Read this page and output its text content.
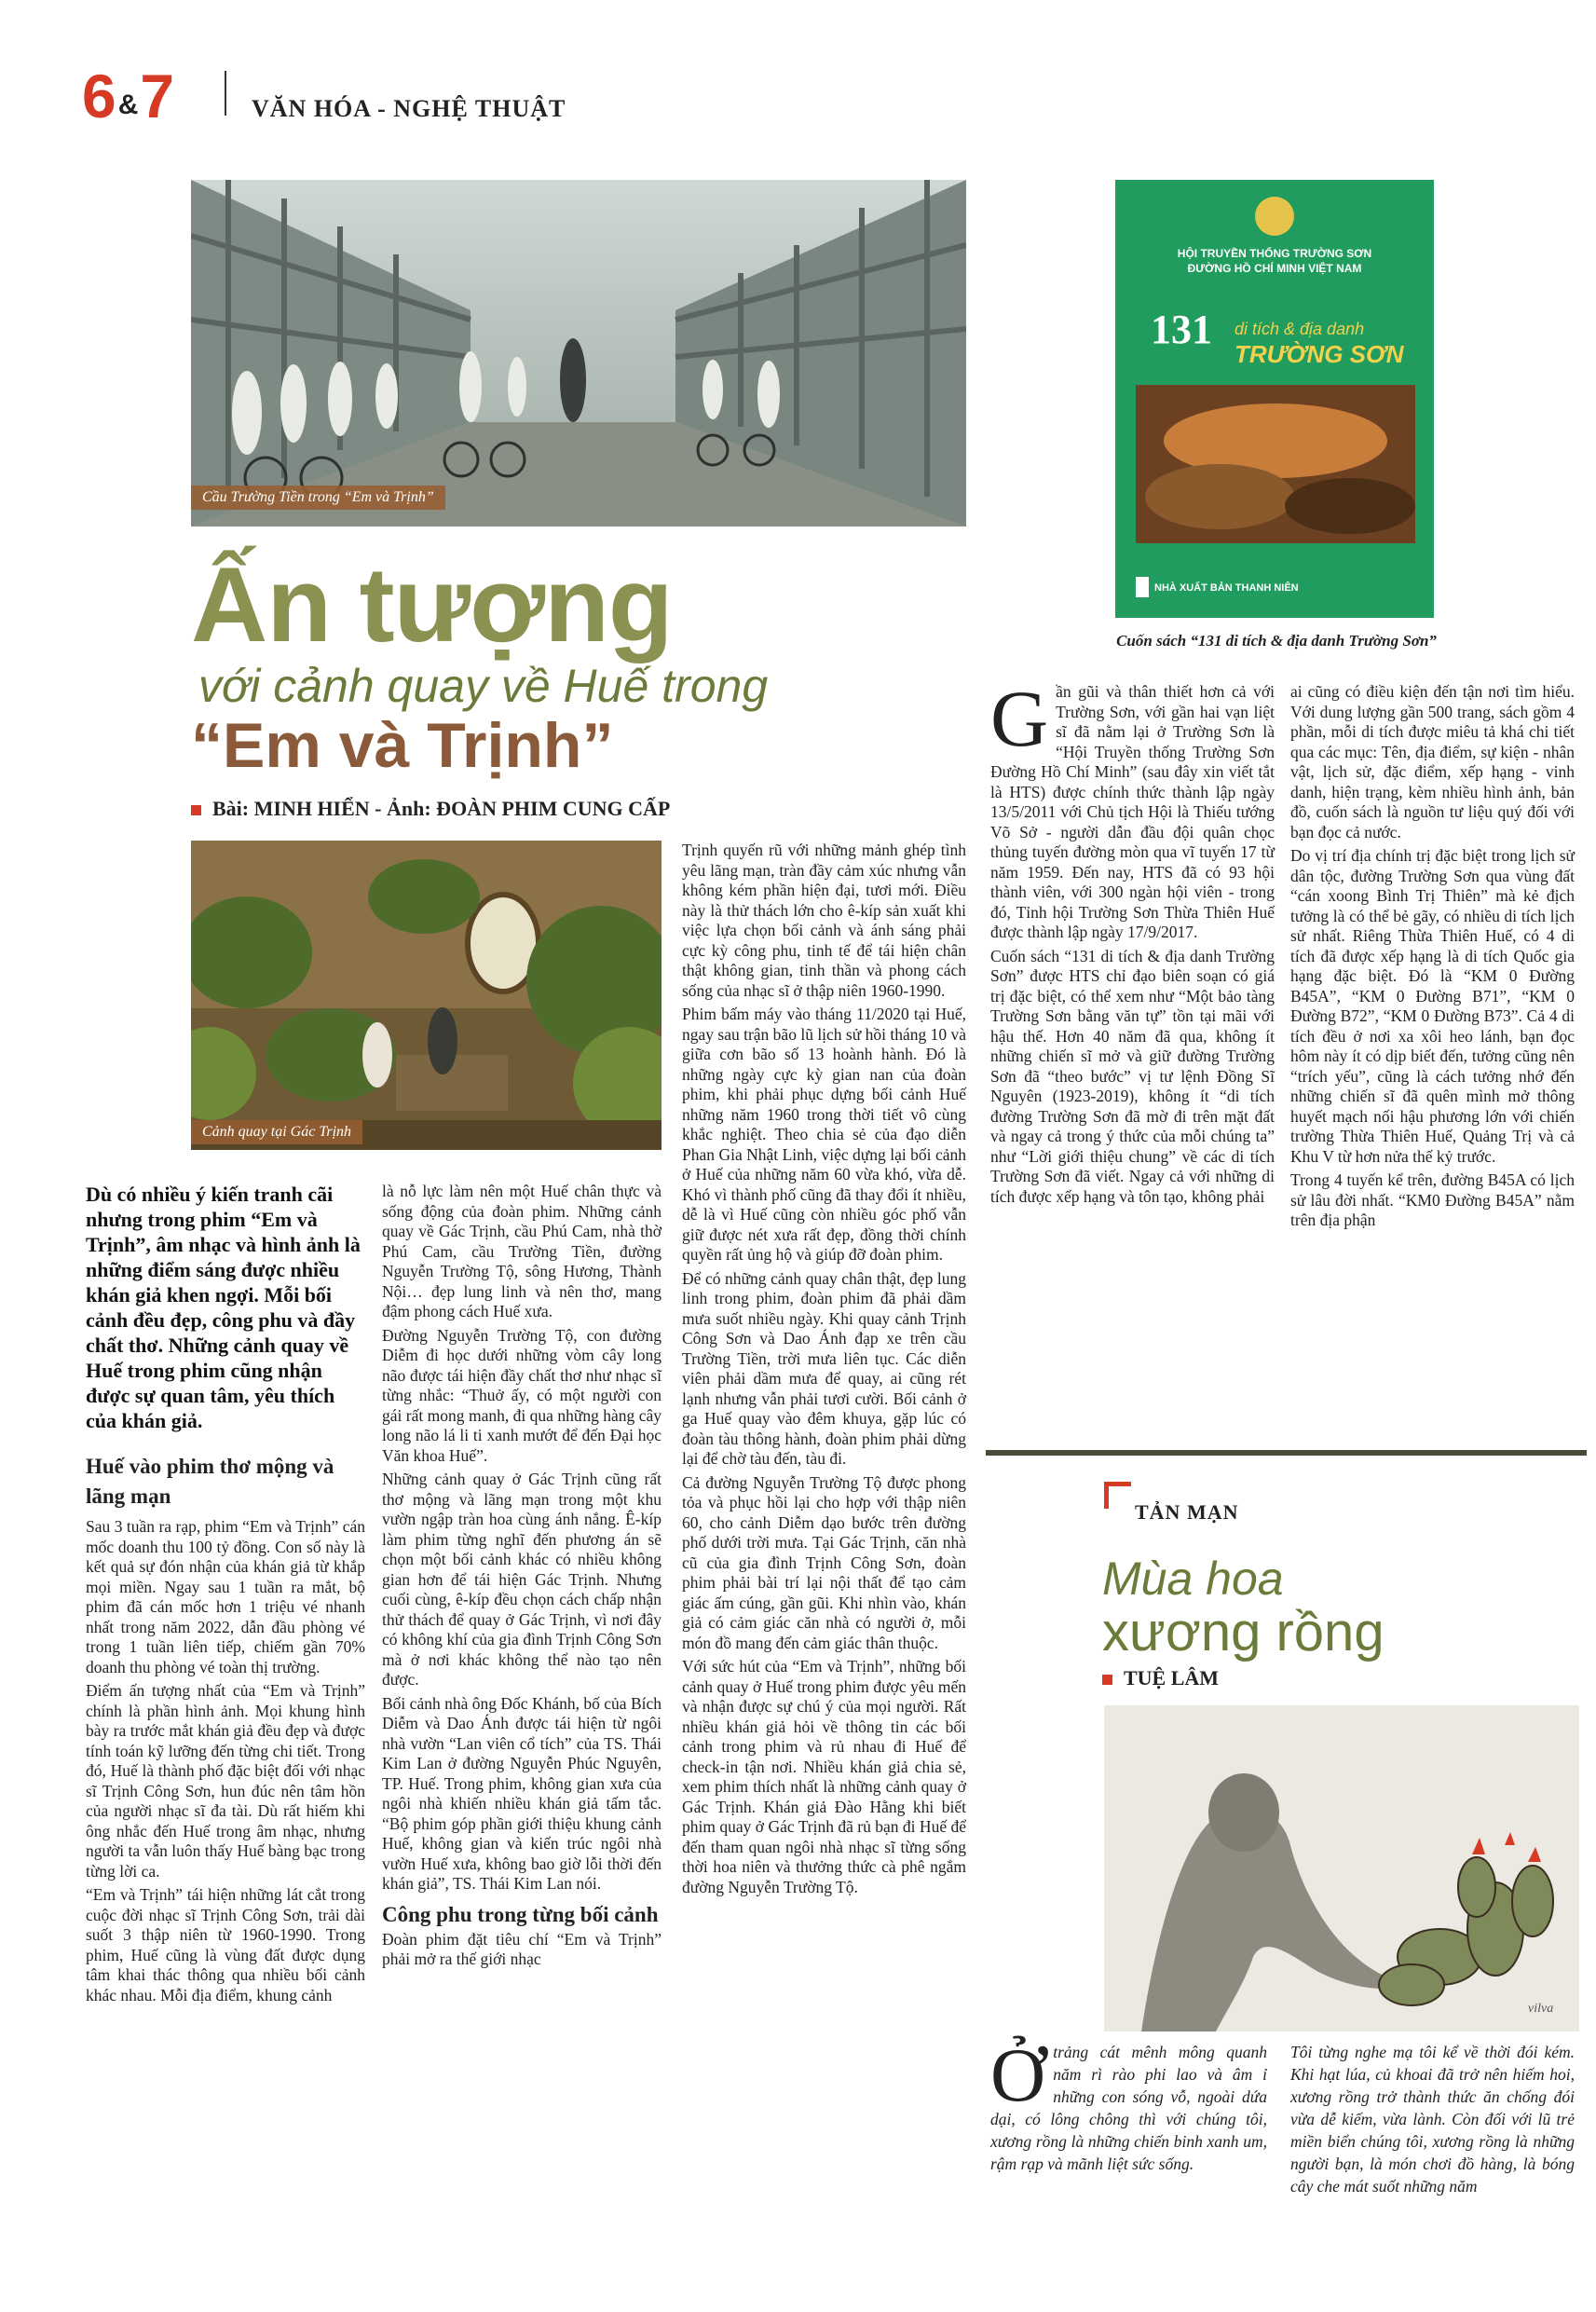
6&7	VĂN HÓA - NGHỆ THUẬT
Cầu Trường Tiền trong “Em và Trịnh”
Ấn tượng
với cảnh quay về Huế trong
“Em và Trịnh”
Bài: MINH HIỂN - Ảnh: ĐOÀN PHIM CUNG CẤP
Cảnh quay tại Gác Trịnh
Dù có nhiều ý kiến tranh cãi nhưng trong phim “Em và Trịnh”, âm nhạc và hình ảnh là những điểm sáng được nhiều khán giả khen ngợi. Mỗi bối cảnh đều đẹp, công phu và đầy chất thơ. Những cảnh quay về Huế trong phim cũng nhận được sự quan tâm, yêu thích của khán giả.
Huế vào phim thơ mộng và lãng mạn

Sau 3 tuần ra rạp, phim “Em và Trịnh” cán mốc doanh thu 100 tỷ đồng. Con số này là kết quả sự đón nhận của khán giả từ khắp mọi miền. Ngay sau 1 tuần ra mắt, bộ phim đã cán mốc hơn 1 triệu vé nhanh nhất trong năm 2022, dẫn đầu phòng vé trong 1 tuần liên tiếp, chiếm gần 70% doanh thu phòng vé toàn thị trường.

Điểm ấn tượng nhất của “Em và Trịnh” chính là phần hình ảnh. Mọi khung hình bày ra trước mắt khán giả đều đẹp và được tính toán kỹ lưỡng đến từng chi tiết. Trong đó, Huế là thành phố đặc biệt đối với nhạc sĩ Trịnh Công Sơn, hun đúc nên tâm hồn của người nhạc sĩ đa tài. Dù rất hiếm khi ông nhắc đến Huế trong âm nhạc, nhưng người ta vẫn luôn thấy Huế bàng bạc trong từng lời ca.

“Em và Trịnh” tái hiện những lát cắt trong cuộc đời nhạc sĩ Trịnh Công Sơn, trải dài suốt 3 thập niên từ 1960-1990. Trong phim, Huế cũng là vùng đất được dụng tâm khai thác thông qua nhiều bối cảnh khác nhau. Mỗi địa điểm, khung cảnh

là nỗ lực làm nên một Huế chân thực và sống động của đoàn phim. Những cảnh quay về Gác Trịnh, cầu Phú Cam, nhà thờ Phú Cam, cầu Trường Tiền, đường Nguyễn Trường Tộ, sông Hương, Thành Nội… đẹp lung linh và nên thơ, mang đậm phong cách Huế xưa.

Đường Nguyễn Trường Tộ, con đường Diễm đi học dưới những vòm cây long não được tái hiện đầy chất thơ như nhạc sĩ từng nhắc: “Thuở ấy, có một người con gái rất mong manh, đi qua những hàng cây long não lá li ti xanh mướt để đến Đại học Văn khoa Huế”.

Những cảnh quay ở Gác Trịnh cũng rất thơ mộng và lãng mạn trong một khu vườn ngập tràn hoa cùng ánh nắng. Ê-kíp làm phim từng nghĩ đến phương án sẽ chọn một bối cảnh khác có nhiều không gian hơn để tái hiện Gác Trịnh. Nhưng cuối cùng, ê-kíp đều chọn cách chấp nhận thử thách để quay ở Gác Trịnh, vì nơi đây có không khí của gia đình Trịnh Công Sơn mà ở nơi khác không thể nào tạo nên được.

Bối cảnh nhà ông Đốc Khánh, bố của Bích Diễm và Dao Ánh được tái hiện từ ngôi nhà vườn “Lan viên cổ tích” của TS. Thái Kim Lan ở đường Nguyễn Phúc Nguyên, TP. Huế. Trong phim, không gian xưa của ngôi nhà khiến nhiều khán giả tấm tắc. “Bộ phim góp phần giới thiệu khung cảnh Huế, không gian và kiến trúc ngôi nhà vườn Huế xưa, không bao giờ lỗi thời đến khán giả”, TS. Thái Kim Lan nói.

Công phu trong từng bối cảnh

Đoàn phim đặt tiêu chí “Em và Trịnh” phải mở ra thế giới nhạc

Trịnh quyến rũ với những mảnh ghép tình yêu lãng mạn, tràn đầy cảm xúc nhưng vẫn không kém phần hiện đại, tươi mới. Điều này là thử thách lớn cho ê-kíp sản xuất khi việc lựa chọn bối cảnh và ánh sáng phải cực kỳ công phu, tinh tế để tái hiện chân thật không gian, tinh thần và phong cách sống của nhạc sĩ ở thập niên 1960-1990.

Phim bấm máy vào tháng 11/2020 tại Huế, ngay sau trận bão lũ lịch sử hồi tháng 10 và giữa cơn bão số 13 hoành hành. Đó là những ngày cực kỳ gian nan của đoàn phim, khi phải phục dựng bối cảnh Huế những năm 1960 trong thời tiết vô cùng khắc nghiệt. Theo chia sẻ của đạo diễn Phan Gia Nhật Linh, việc dựng lại bối cảnh ở Huế của những năm 60 vừa khó, vừa dễ. Khó vì thành phố cũng đã thay đổi ít nhiều, dễ là vì Huế cũng còn nhiều góc phố vẫn giữ được nét xưa rất đẹp, đồng thời chính quyền rất ủng hộ và giúp đỡ đoàn phim.

Để có những cảnh quay chân thật, đẹp lung linh trong phim, đoàn phim đã phải dầm mưa suốt nhiều ngày. Khi quay cảnh Trịnh Công Sơn và Dao Ánh đạp xe trên cầu Trường Tiền, trời mưa liên tục. Các diễn viên phải dầm mưa để quay, ai cũng rét lạnh nhưng vẫn phải tươi cười. Bối cảnh ở ga Huế quay vào đêm khuya, gặp lúc có đoàn tàu thông hành, đoàn phim phải dừng lại để chờ tàu đến, tàu đi.

Cả đường Nguyễn Trường Tộ được phong tỏa và phục hồi lại cho hợp với thập niên 60, cho cảnh Diễm dạo bước trên đường phố dưới trời mưa. Tại Gác Trịnh, căn nhà cũ của gia đình Trịnh Công Sơn, đoàn phim phải bài trí lại nội thất để tạo cảm giác ấm cúng, gần gũi. Khi nhìn vào, khán giả có cảm giác căn nhà có người ở, mỗi món đồ mang đến cảm giác thân thuộc.

Với sức hút của “Em và Trịnh”, những bối cảnh quay ở Huế trong phim được yêu mến và nhận được sự chú ý của mọi người. Rất nhiều khán giả hỏi về thông tin các bối cảnh trong phim và rủ nhau đi Huế để check-in tận nơi. Nhiều khán giả chia sẻ, xem phim thích nhất là những cảnh quay ở Gác Trịnh. Khán giả Đào Hằng khi biết phim quay ở Gác Trịnh đã rủ bạn đi Huế để đến tham quan ngôi nhà nhạc sĩ từng sống thời hoa niên và thưởng thức cà phê ngắm đường Nguyễn Trường Tộ.

HỘI TRUYỀN THỐNG TRƯỜNG SƠN
ĐƯỜNG HỒ CHÍ MINH VIỆT NAM
131 di tích & địa danh
TRƯỜNG SƠN
NHÀ XUẤT BẢN THANH NIÊN
Cuốn sách “131 di tích & địa danh Trường Sơn”

Gần gũi và thân thiết hơn cả với Trường Sơn, với gần hai vạn liệt sĩ đã nằm lại ở Trường Sơn là “Hội Truyền thống Trường Sơn Đường Hồ Chí Minh” (sau đây xin viết tắt là HTS) được chính thức thành lập ngày 13/5/2011 với Chủ tịch Hội là Thiếu tướng Võ Sở - người dẫn đầu đội quân chọc thủng tuyến đường mòn qua vĩ tuyến 17 từ năm 1959. Đến nay, HTS đã có 93 hội thành viên, với 300 ngàn hội viên - trong đó, Tỉnh hội Trường Sơn Thừa Thiên Huế được thành lập ngày 17/9/2017.

Cuốn sách “131 di tích & địa danh Trường Sơn” được HTS chỉ đạo biên soạn có giá trị đặc biệt, có thể xem như “Một bảo tàng Trường Sơn bằng văn tự” tồn tại mãi với hậu thế. Hơn 40 năm đã qua, không ít những chiến sĩ mở và giữ đường Trường Sơn đã “theo bước” vị tư lệnh Đồng Sĩ Nguyên (1923-2019), không ít “di tích đường Trường Sơn đã mờ đi trên mặt đất và ngay cả trong ý thức của mỗi chúng ta” như “Lời giới thiệu chung” về các di tích Trường Sơn đã viết. Ngay cả với những di tích được xếp hạng và tôn tạo, không phải

ai cũng có điều kiện đến tận nơi tìm hiểu. Với dung lượng gần 500 trang, sách gồm 4 phần, mỗi di tích được miêu tả khá chi tiết qua các mục: Tên, địa điểm, sự kiện - nhân vật, lịch sử, đặc điểm, xếp hạng - vinh danh, hiện trạng, kèm nhiều hình ảnh, bản đồ, cuốn sách là nguồn tư liệu quý đối với bạn đọc cả nước.

Do vị trí địa chính trị đặc biệt trong lịch sử dân tộc, đường Trường Sơn qua vùng đất “cán xoong Bình Trị Thiên” mà kẻ địch tưởng là có thể bẻ gãy, có nhiều di tích lịch sử nhất. Riêng Thừa Thiên Huế, có 4 di tích đã được xếp hạng là di tích Quốc gia hạng đặc biệt. Đó là “KM 0 Đường B45A”, “KM 0 Đường B71”, “KM 0 Đường B72”, “KM 0 Đường B73”. Cả 4 di tích đều ở nơi xa xôi heo lánh, bạn đọc hôm này ít có dịp biết đến, tưởng cũng nên “trích yếu”, cũng là cách tưởng nhớ đến những chiến sĩ đã quên mình mở thông huyết mạch nối hậu phương lớn với chiến trường Thừa Thiên Huế, Quảng Trị và cả Khu V từ hơn nửa thế kỷ trước.

Trong 4 tuyến kể trên, đường B45A có lịch sử lâu đời nhất. “KM0 Đường B45A” nằm trên địa phận

TẢN MẠN
Mùa hoa
xương rồng
TUỆ LÂM
vilva
Ởtrảng cát mênh mông quanh năm rì rào phi lao và âm ỉ những con sóng vỗ, ngoài dứa dại, có lông chông thì với chúng tôi, xương rồng là những chiến binh xanh um, rậm rạp và mãnh liệt sức sống.
Tôi từng nghe mạ tôi kể về thời đói kém. Khi hạt lúa, củ khoai đã trở nên hiếm hoi, xương rồng trở thành thức ăn chống đói vừa dễ kiếm, vừa lành. Còn đối với lũ trẻ miền biển chúng tôi, xương rồng là những người bạn, là món chơi đồ hàng, là bóng cây che mát suốt những năm
